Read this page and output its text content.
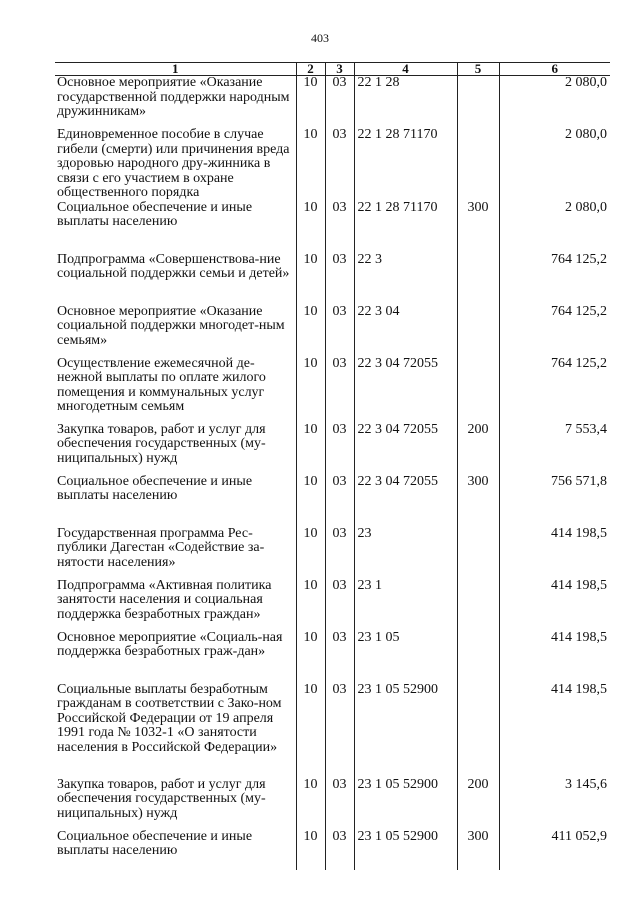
403
1	2	3	4	5	6
Основное мероприятие «Оказание государственной поддержки народным дружинникам»	10	03	22 1 28		2 080,0
Единовременное пособие в случае гибели (смерти) или причинения вреда здоровью народного дру-жинника в связи с его участием в охране общественного порядка	10	03	22 1 28 71170		2 080,0
Социальное обеспечение и иные выплаты населению	10	03	22 1 28 71170	300	2 080,0
Подпрограмма «Совершенствова-ние социальной поддержки семьи и детей»	10	03	22 3		764 125,2
Основное мероприятие «Оказание социальной поддержки многодет-ным семьям»	10	03	22 3 04		764 125,2
Осуществление ежемесячной де-нежной выплаты по оплате жилого помещения и коммунальных услуг многодетным семьям	10	03	22 3 04 72055		764 125,2
Закупка товаров, работ и услуг для обеспечения государственных (му-ниципальных) нужд	10	03	22 3 04 72055	200	7 553,4
Социальное обеспечение и иные выплаты населению	10	03	22 3 04 72055	300	756 571,8
Государственная программа Рес-публики Дагестан «Содействие за-нятости населения»	10	03	23		414 198,5
Подпрограмма «Активная политика занятости населения и социальная поддержка безработных граждан»	10	03	23 1		414 198,5
Основное мероприятие «Социаль-ная поддержка безработных граж-дан»	10	03	23 1 05		414 198,5
Социальные выплаты безработным гражданам в соответствии с Зако-ном Российской Федерации от 19 апреля 1991 года № 1032-1 «О занятости населения в Российской Федерации»	10	03	23 1 05 52900		414 198,5
Закупка товаров, работ и услуг для обеспечения государственных (му-ниципальных) нужд	10	03	23 1 05 52900	200	3 145,6
Социальное обеспечение и иные выплаты населению	10	03	23 1 05 52900	300	411 052,9
